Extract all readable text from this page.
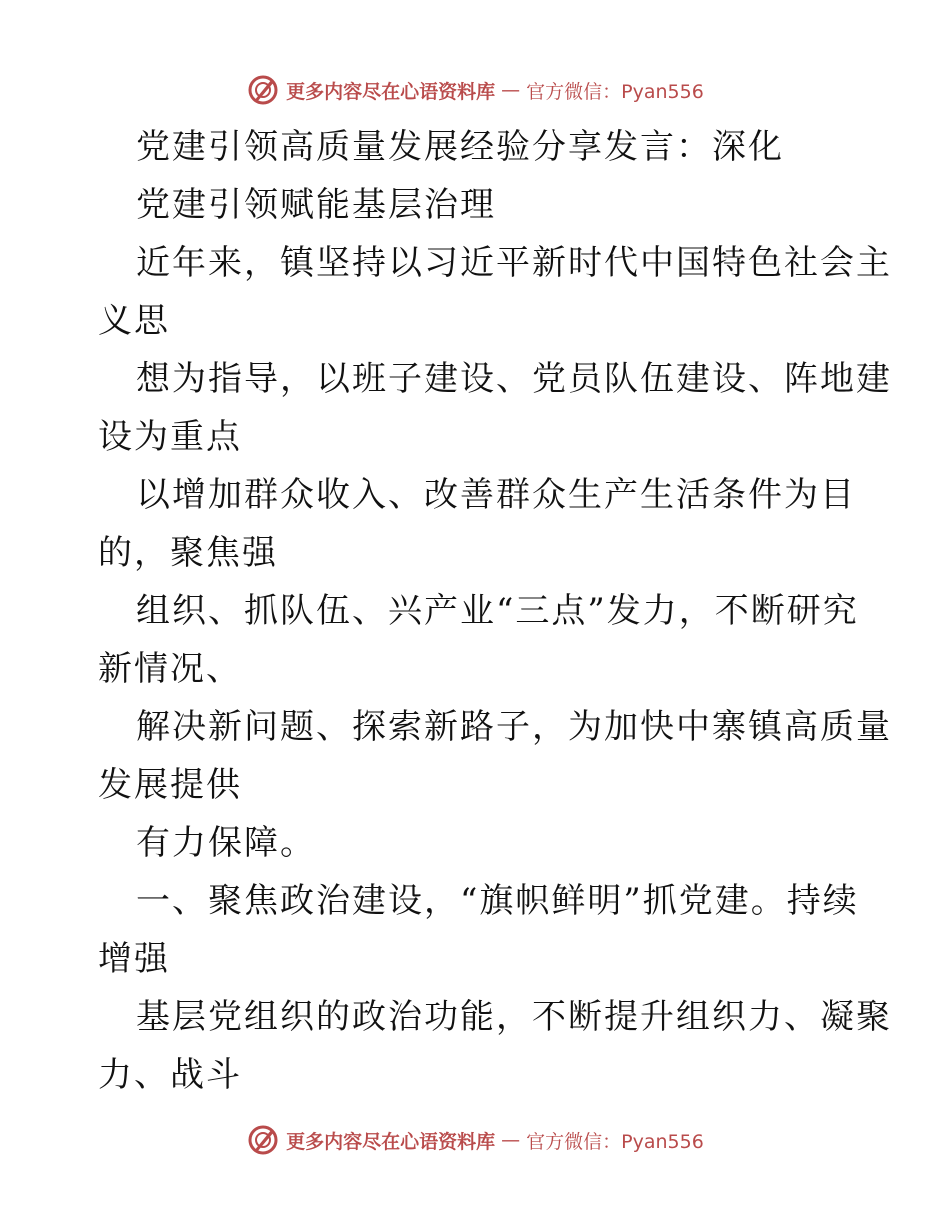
更多内容尽在心语资料库 — 官方微信：Pyan556
党建引领高质量发展经验分享发言：深化
党建引领赋能基层治理
近年来，镇坚持以习近平新时代中国特色社会主
义思
想为指导，以班子建设、党员队伍建设、阵地建
设为重点
以增加群众收入、改善群众生产生活条件为目
的，聚焦强
组织、抓队伍、兴产业“三点”发力，不断研究
新情况、
解决新问题、探索新路子，为加快中寨镇高质量
发展提供
有力保障。
一、聚焦政治建设，“旗帜鲜明”抓党建。持续
增强
基层党组织的政治功能，不断提升组织力、凝聚
力、战斗
更多内容尽在心语资料库 — 官方微信：Pyan556
